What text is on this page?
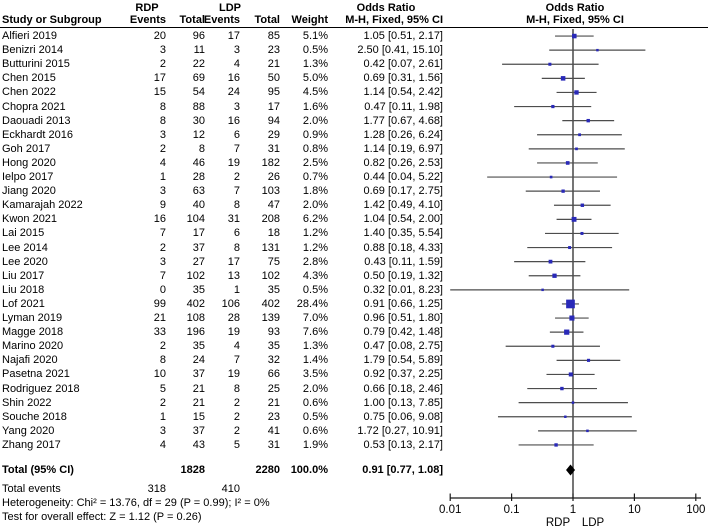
RDP	LDP	Odds Ratio	Odds Ratio
Study or Subgroup	Events	Total
Events	Total	Weight	M-H, Fixed, 95% CI	M-H, Fixed, 95% CI
Alfieri 2019	20	96	17	85	5.1%	1.05 [0.51, 2.17]
Benizri 2014	3	11	3	23	0.5%	2.50 [0.41, 15.10]
Butturini 2015	2	22	4	21	1.3%	0.42 [0.07, 2.61]
Chen 2015	17	69	16	50	5.0%	0.69 [0.31, 1.56]
Chen 2022	15	54	24	95	4.5%	1.14 [0.54, 2.42]
Chopra 2021	8	88	3	17	1.6%	0.47 [0.11, 1.98]
Daouadi 2013	8	30	16	94	2.0%	1.77 [0.67, 4.68]
Eckhardt 2016	3	12	6	29	0.9%	1.28 [0.26, 6.24]
Goh 2017	2	8	7	31	0.8%	1.14 [0.19, 6.97]
Hong 2020	4	46	19	182	2.5%	0.82 [0.26, 2.53]
Ielpo 2017	1	28	2	26	0.7%	0.44 [0.04, 5.22]
Jiang 2020	3	63	7	103	1.8%	0.69 [0.17, 2.75]
Kamarajah 2022	9	40	8	47	2.0%	1.42 [0.49, 4.10]
Kwon 2021	16	104	31	208	6.2%	1.04 [0.54, 2.00]
Lai 2015	7	17	6	18	1.2%	1.40 [0.35, 5.54]
Lee 2014	2	37	8	131	1.2%	0.88 [0.18, 4.33]
Lee 2020	3	27	17	75	2.8%	0.43 [0.11, 1.59]
Liu 2017	7	102	13	102	4.3%	0.50 [0.19, 1.32]
Liu 2018	0	35	1	35	0.5%	0.32 [0.01, 8.23]
Lof 2021	99	402	106	402	28.4%	0.91 [0.66, 1.25]
Lyman 2019	21	108	28	139	7.0%	0.96 [0.51, 1.80]
Magge 2018	33	196	19	93	7.6%	0.79 [0.42, 1.48]
Marino 2020	2	35	4	35	1.3%	0.47 [0.08, 2.75]
Najafi 2020	8	24	7	32	1.4%	1.79 [0.54, 5.89]
Pasetna 2021	10	37	19	66	3.5%	0.92 [0.37, 2.25]
Rodriguez 2018	5	21	8	25	2.0%	0.66 [0.18, 2.46]
Shin 2022	2	21	2	21	0.6%	1.00 [0.13, 7.85]
Souche 2018	1	15	2	23	0.5%	0.75 [0.06, 9.08]
Yang 2020	3	37	2	41	0.6%	1.72 [0.27, 10.91]
Zhang 2017	4	43	5	31	1.9%	0.53 [0.13, 2.17]
Total (95% CI)	1828	2280 100.0%	0.91 [0.77, 1.08]
Total events	318	410
Heterogeneity: Chi² = 13.76, df = 29 (P = 0.99); I² = 0%
Test for overall effect: Z = 1.12 (P = 0.26)
0.01	0.1	1	10	100
RDP LDP
